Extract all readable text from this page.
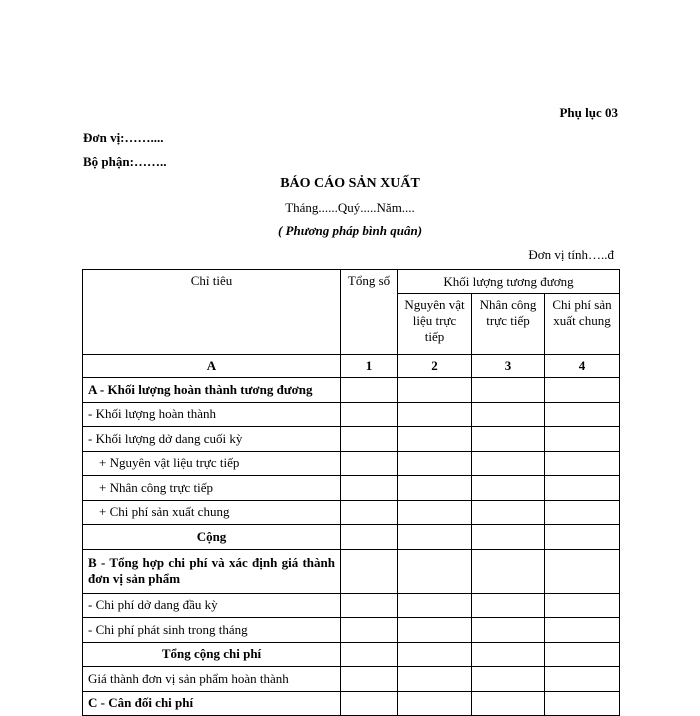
Phụ lục 03
Đơn vị:……....
Bộ phận:……..
BÁO CÁO SẢN XUẤT
Tháng......Quý.....Năm....
( Phương pháp bình quân)
Đơn vị tính…..đ
Chỉ tiêu	Tổng số	Khối lượng tương đương		
		Nguyên vật liệu trực tiếp	Nhân công trực tiếp	Chi phí sản xuất chung
A	1	2	3	4
A - Khối lượng hoàn thành tương đương				
- Khối lượng hoàn thành				
- Khối lượng dở dang cuối kỳ				
+ Nguyên vật liệu trực tiếp				
+ Nhân công trực tiếp				
+ Chi phí sản xuất chung				
Cộng				
B - Tổng hợp chi phí và xác định giá thành đơn vị sản phẩm				
- Chi phí dở dang đầu kỳ				
- Chi phí phát sinh trong tháng				
Tổng cộng chi phí				
Giá thành đơn vị sản phẩm hoàn thành				
C - Cân đối chi phí				
